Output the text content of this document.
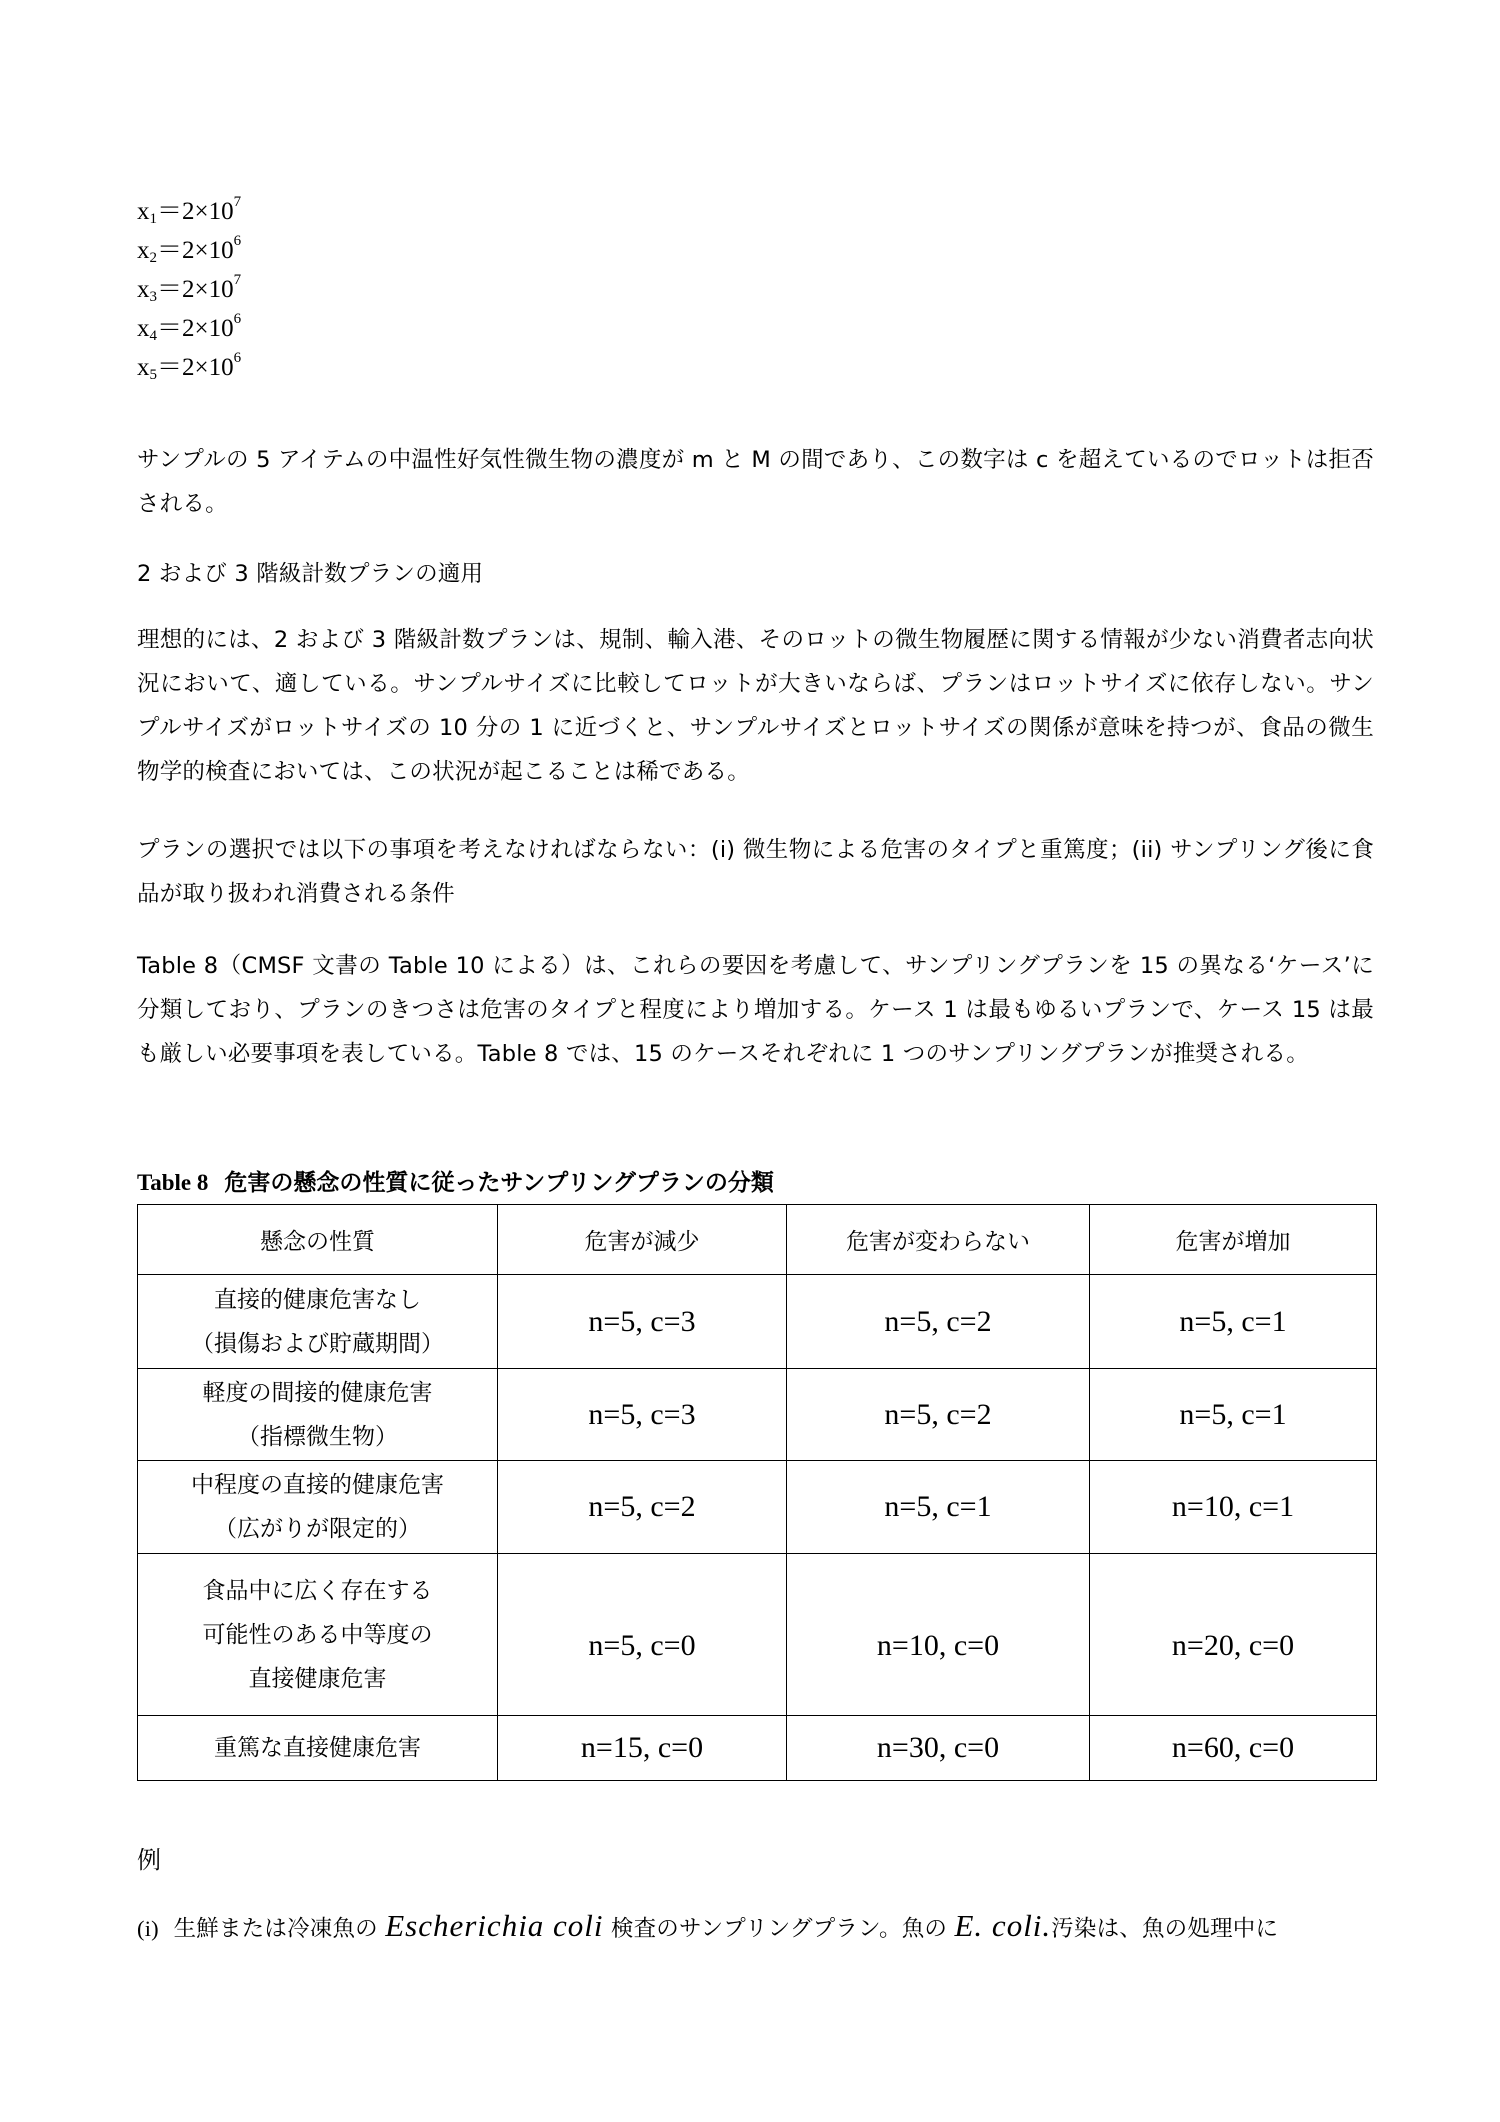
$x_1=2\times 10^7$
$x_2=2\times 10^6$
$x_3=2\times 10^7$
$x_4=2\times 10^6$
$x_5=2\times 10^6$

サンプルの 5 アイテムの中温性好気性微生物の濃度が m と M の間であり、この数字は c を超えているのでロットは拒否される。

2 および 3 階級計数プランの適用

理想的には、2 および 3 階級計数プランは、規制、輸入港、そのロットの微生物履歴に関する情報が少ない消費者志向状況において、適している。サンプルサイズに比較してロットが大きいならば、プランはロットサイズに依存しない。サンプルサイズがロットサイズの 10 分の 1 に近づくと、サンプルサイズとロットサイズの関係が意味を持つが、食品の微生物学的検査においては、この状況が起こることは稀である。

プランの選択では以下の事項を考えなければならない：(i) 微生物による危害のタイプと重篤度；(ii) サンプリング後に食品が取り扱われ消費される条件

Table 8（CMSF 文書の Table 10 による）は、これらの要因を考慮して、サンプリングプランを 15 の異なる‘ケース’に分類しており、プランのきつさは危害のタイプと程度により増加する。ケース 1 は最もゆるいプランで、ケース 15 は最も厳しい必要事項を表している。Table 8 では、15 のケースそれぞれに 1 つのサンプリングプランが推奨される。

Table 8 危害の懸念の性質に従ったサンプリングプランの分類
懸念の性質	危害が減少	危害が変わらない	危害が増加
直接的健康危害なし
（損傷および貯蔵期間）	n=5, c=3	n=5, c=2	n=5, c=1
軽度の間接的健康危害
（指標微生物）	n=5, c=3	n=5, c=2	n=5, c=1
中程度の直接的健康危害
（広がりが限定的）	n=5, c=2	n=5, c=1	n=10, c=1
食品中に広く存在する
可能性のある中等度の
直接健康危害	n=5, c=0	n=10, c=0	n=20, c=0
重篤な直接健康危害	n=15, c=0	n=30, c=0	n=60, c=0
例
(i) 生鮮または冷凍魚の Escherichia coli 検査のサンプリングプラン。魚の E. coli.汚染は、魚の処理中に
